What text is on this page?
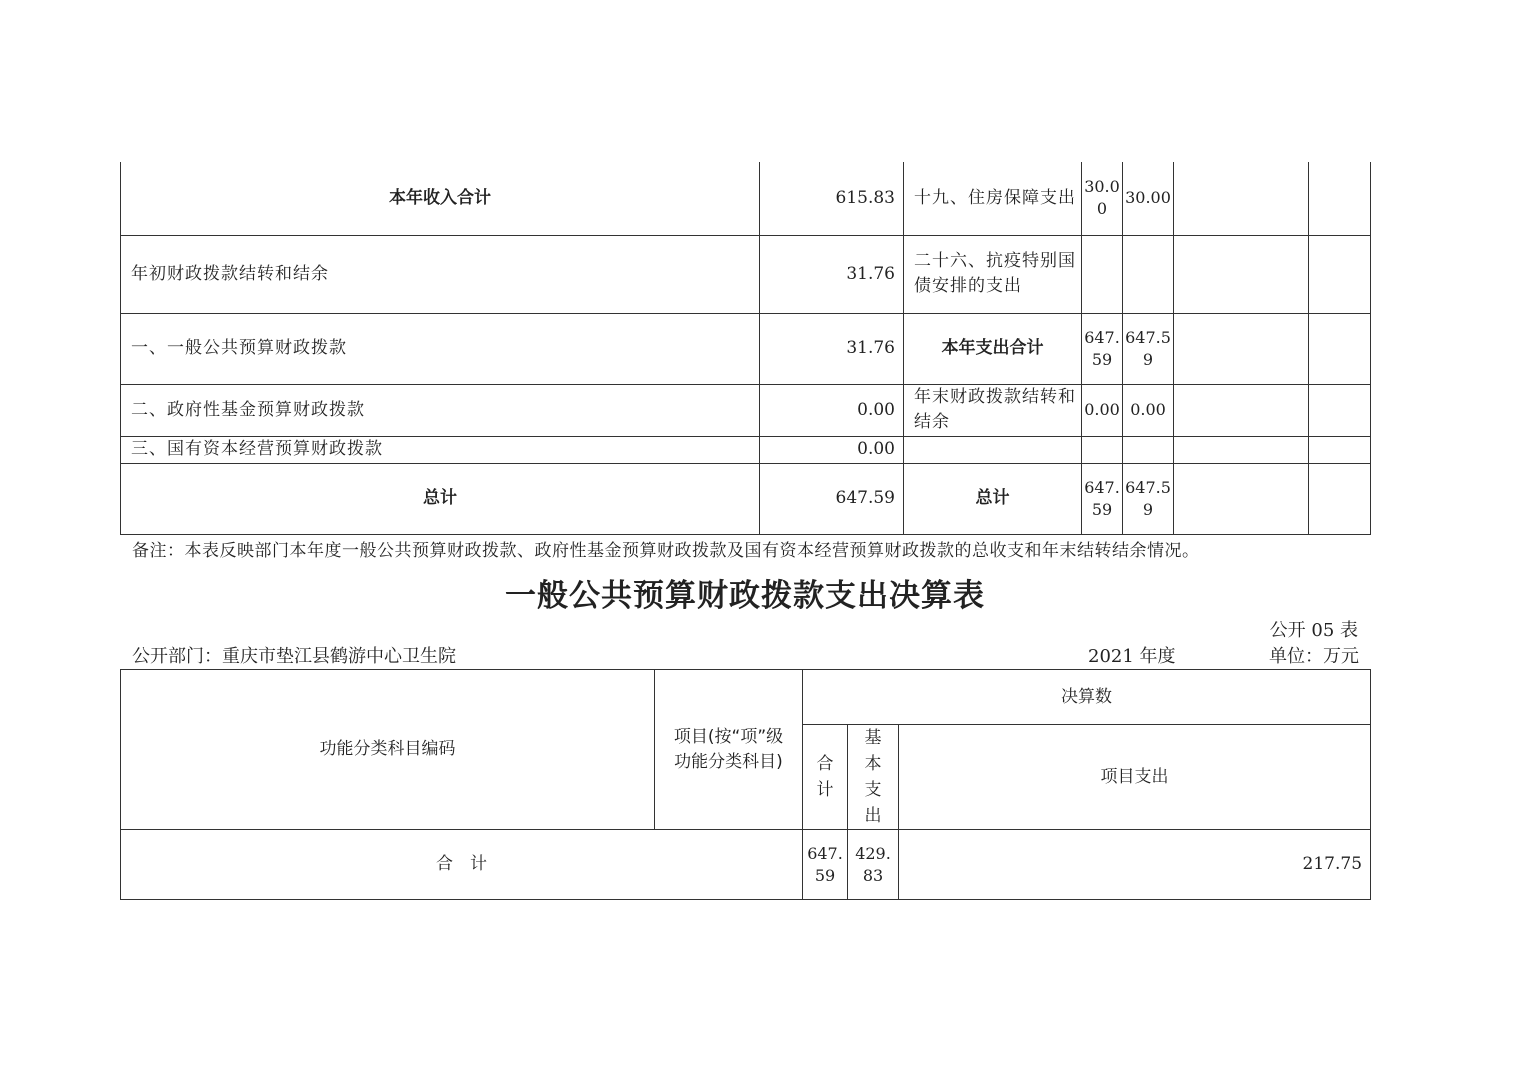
本年收入合计	615.83	十九、住房保障支出	30.00	30.00		
年初财政拨款结转和结余	31.76	二十六、抗疫特别国债安排的支出				
一、一般公共预算财政拨款	31.76	本年支出合计	647.59	647.59		
二、政府性基金预算财政拨款	0.00	年末财政拨款结转和结余	0.00	0.00		
三、国有资本经营预算财政拨款	0.00					
总计	647.59	总计	647.59	647.59		
备注：本表反映部门本年度一般公共预算财政拨款、政府性基金预算财政拨款及国有资本经营预算财政拨款的总收支和年末结转结余情况。
一般公共预算财政拨款支出决算表
公开 05 表
公开部门：重庆市垫江县鹤游中心卫生院	2021 年度	单位：万元
功能分类科目编码	项目(按“项”级功能分类科目)	决算数		
		合计	基本支出	项目支出
合　计		647.59	429.83	217.75
